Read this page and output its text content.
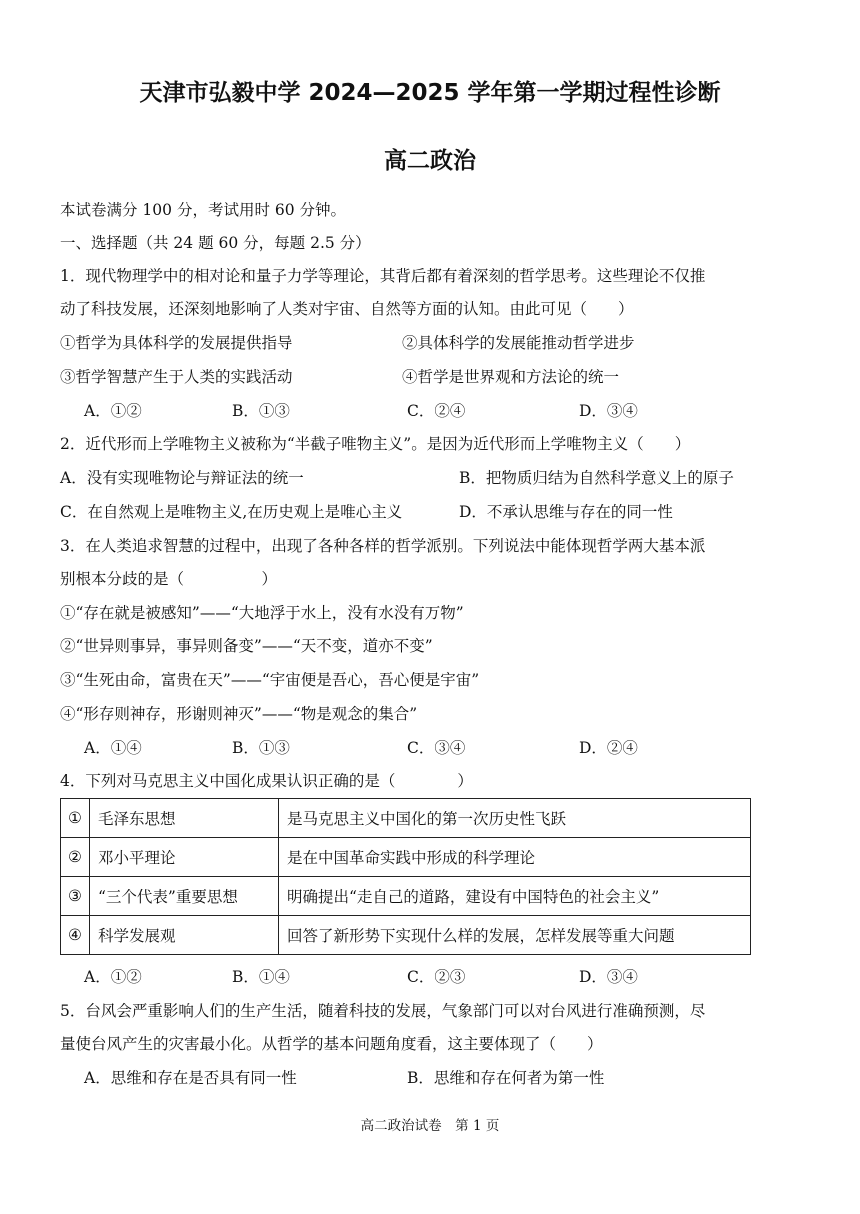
天津市弘毅中学 2024—2025 学年第一学期过程性诊断
高二政治
本试卷满分 100 分，考试用时 60 分钟。
一、选择题（共 24 题 60 分，每题 2.5 分）
1．现代物理学中的相对论和量子力学等理论，其背后都有着深刻的哲学思考。这些理论不仅推
动了科技发展，还深刻地影响了人类对宇宙、自然等方面的认知。由此可见（　　）
①哲学为具体科学的发展提供指导	②具体科学的发展能推动哲学进步
③哲学智慧产生于人类的实践活动	④哲学是世界观和方法论的统一
A．①②	B．①③	C．②④	D．③④
2．近代形而上学唯物主义被称为“半截子唯物主义”。是因为近代形而上学唯物主义（　　）
A．没有实现唯物论与辩证法的统一	B．把物质归结为自然科学意义上的原子
C．在自然观上是唯物主义,在历史观上是唯心主义	D．不承认思维与存在的同一性
3．在人类追求智慧的过程中，出现了各种各样的哲学派别。下列说法中能体现哲学两大基本派
别根本分歧的是（　　　　　）
①“存在就是被感知”——“大地浮于水上，没有水没有万物”
②“世异则事异，事异则备变”——“天不变，道亦不变”
③“生死由命，富贵在天”——“宇宙便是吾心，吾心便是宇宙”
④“形存则神存，形谢则神灭”——“物是观念的集合”
A．①④	B．①③	C．③④	D．②④
4．下列对马克思主义中国化成果认识正确的是（　　　　）
①	毛泽东思想	是马克思主义中国化的第一次历史性飞跃
②	邓小平理论	是在中国革命实践中形成的科学理论
③	“三个代表”重要思想	明确提出“走自己的道路，建设有中国特色的社会主义”
④	科学发展观	回答了新形势下实现什么样的发展，怎样发展等重大问题
A．①②	B．①④	C．②③	D．③④
5．台风会严重影响人们的生产生活，随着科技的发展，气象部门可以对台风进行准确预测，尽
量使台风产生的灾害最小化。从哲学的基本问题角度看，这主要体现了（　　）
A．思维和存在是否具有同一性	B．思维和存在何者为第一性
高二政治试卷　第 1 页
